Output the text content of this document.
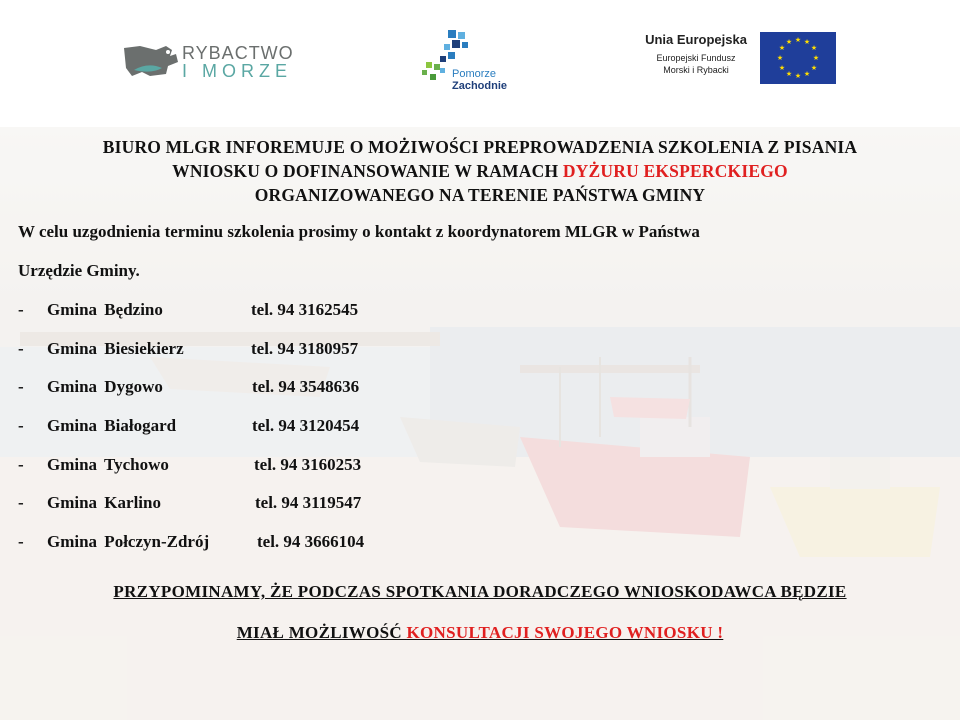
RYBACTWO
I MORZE	Pomorze
Zachodnie
Unia Europejska
Europejski Fundusz
Morski i Rybacki
★ ★
★
★
★
★
★
★
★
★
★
★
BIURO MLGR INFOREMUJE O MOŻIWOŚCI PREPROWADZENIA SZKOLENIA Z PISANIA
WNIOSKU O DOFINANSOWANIE W RAMACH DYŻURU EKSPERCKIEGO
ORGANIZOWANEGO NA TERENIE PAŃSTWA GMINY
W celu uzgodnienia terminu szkolenia prosimy o kontakt z koordynatorem MLGR w Państwa
Urzędzie Gminy.
- Gmina Będzino	tel. 94 3162545
- Gmina Biesiekierz	tel. 94 3180957
- Gmina Dygowo	tel. 94 3548636
- Gmina Białogard	tel. 94 3120454
- Gmina Tychowo	tel. 94 3160253
- Gmina Karlino	tel. 94 3119547
- Gmina Połczyn-Zdrój	tel. 94 3666104
PRZYPOMINAMY, ŻE PODCZAS SPOTKANIA DORADCZEGO WNIOSKODAWCA BĘDZIE
MIAŁ MOŻLIWOŚĆ KONSULTACJI SWOJEGO WNIOSKU !
